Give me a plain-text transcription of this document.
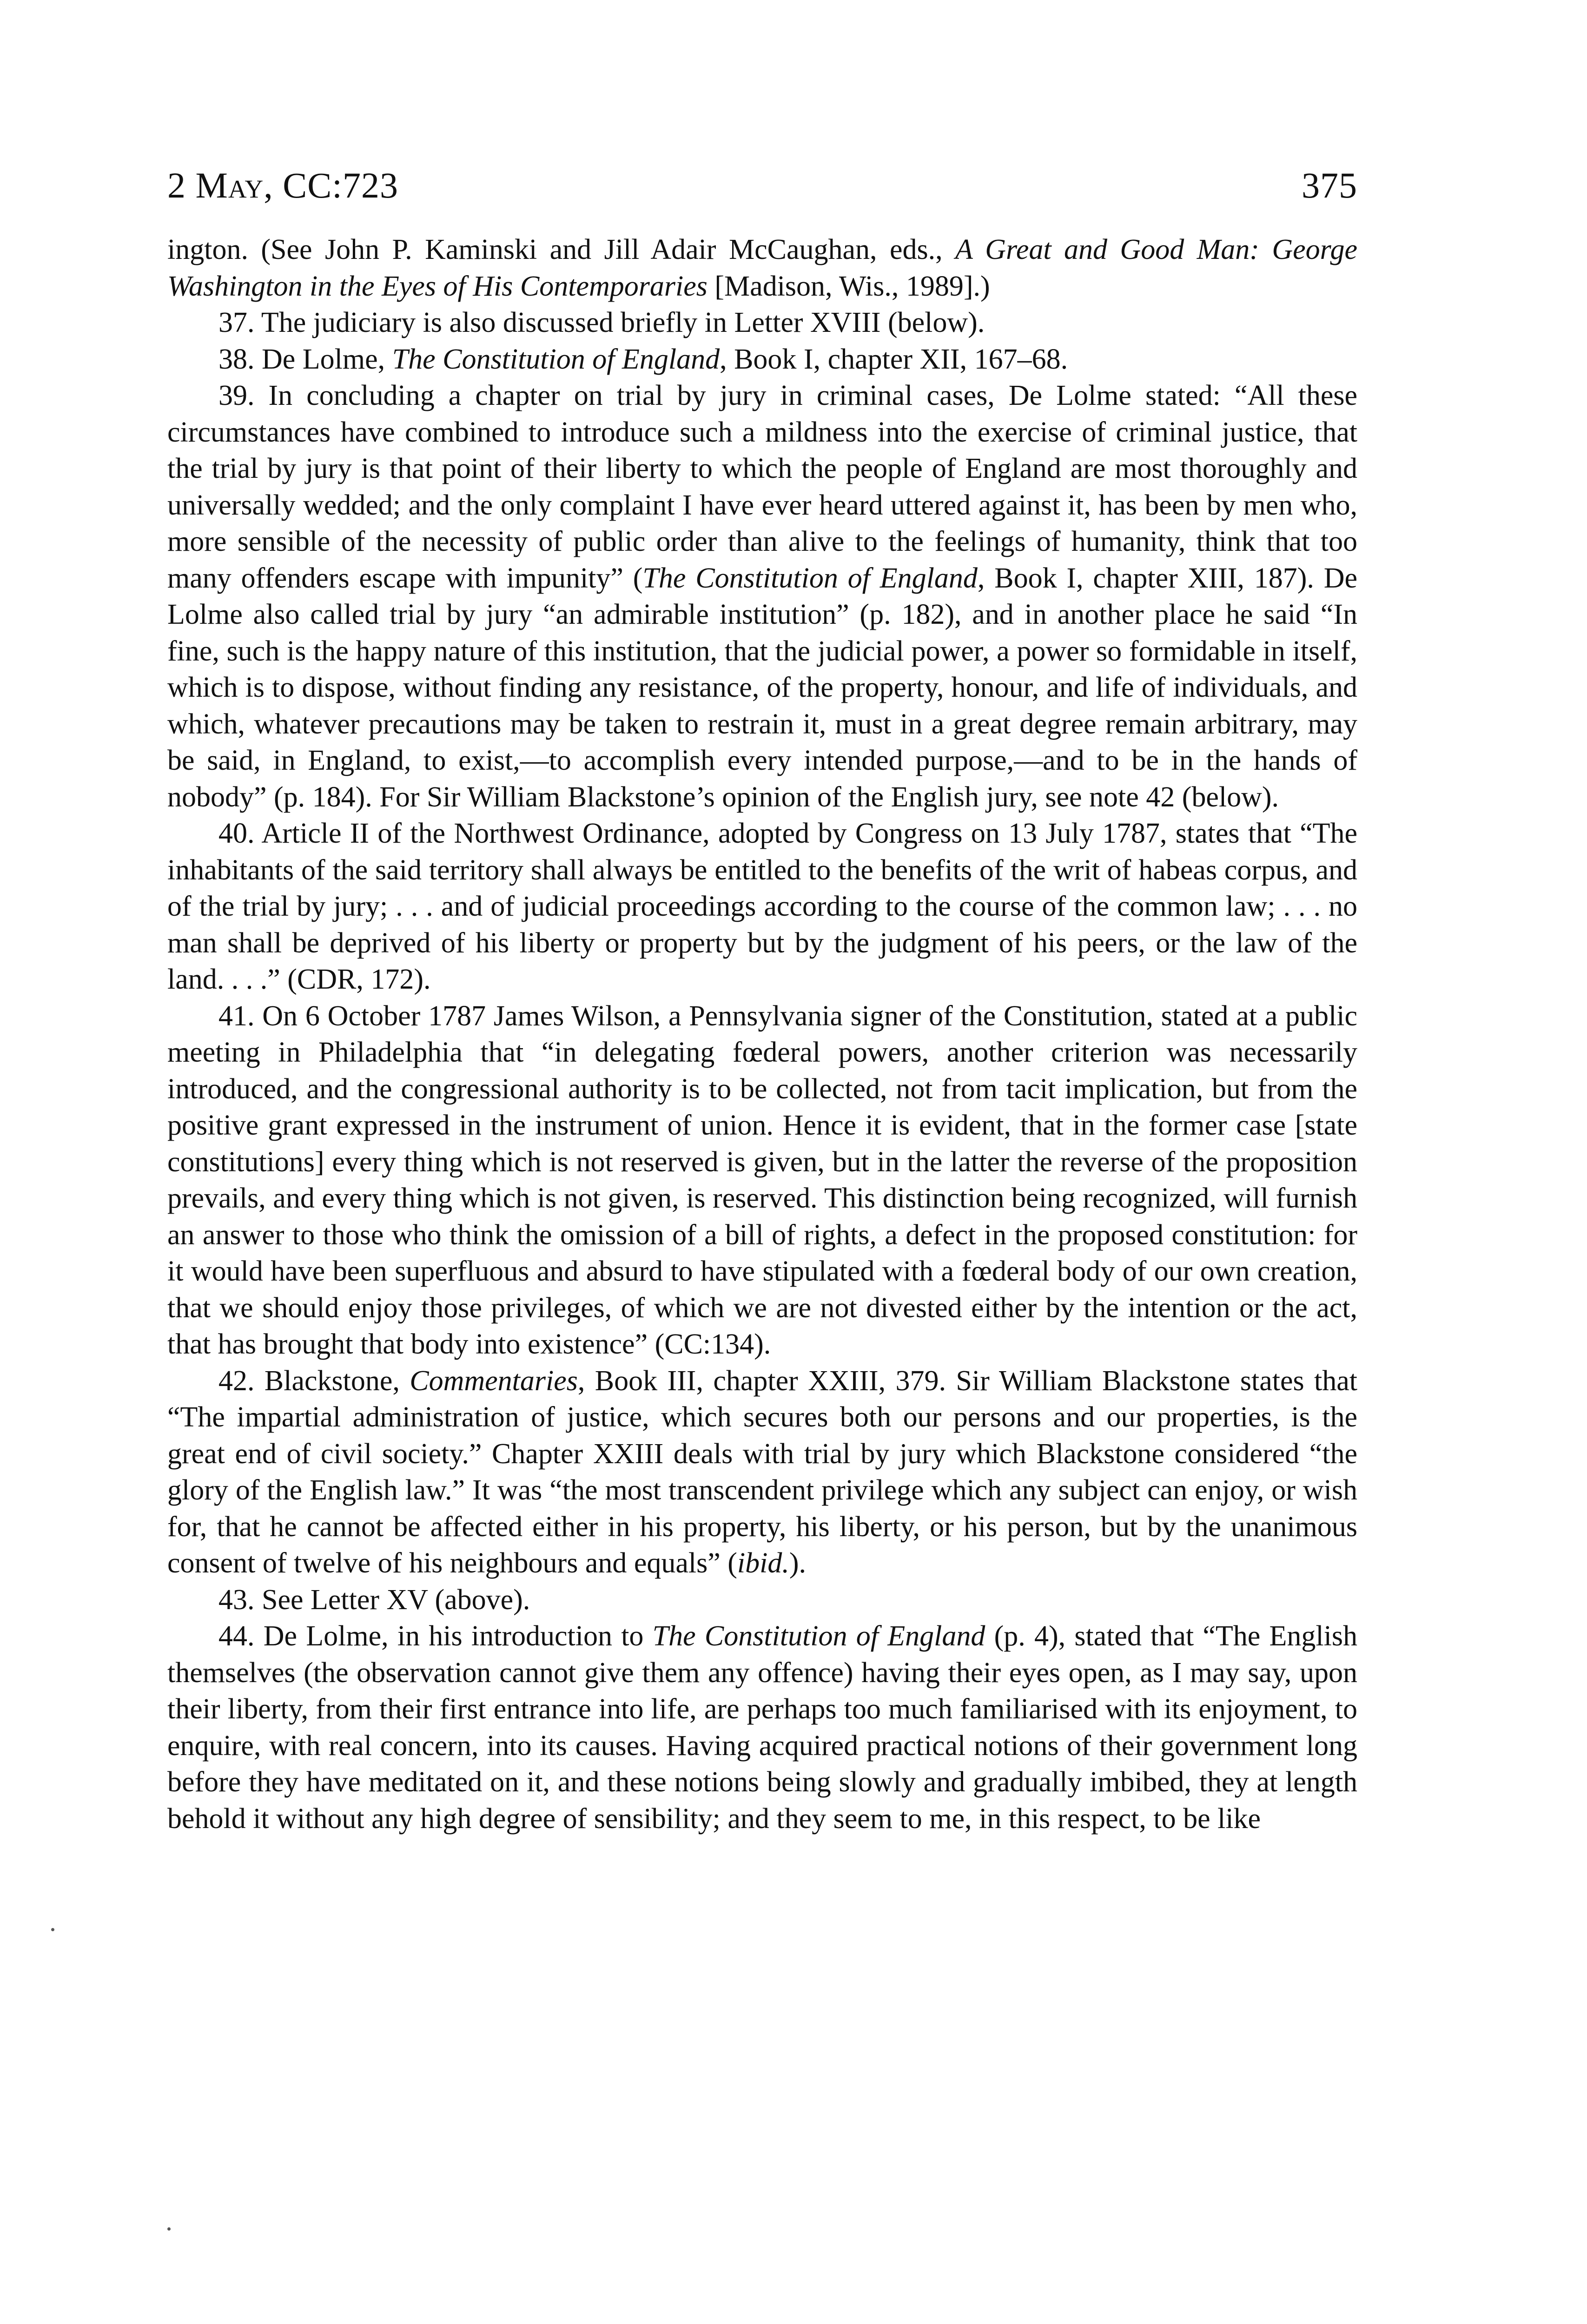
2 May, CC:723	375

ington. (See John P. Kaminski and Jill Adair McCaughan, eds., A Great and Good Man: George Washington in the Eyes of His Contemporaries [Madison, Wis., 1989].)

37. The judiciary is also discussed briefly in Letter XVIII (below).

38. De Lolme, The Constitution of England, Book I, chapter XII, 167–68.

39. In concluding a chapter on trial by jury in criminal cases, De Lolme stated: “All these circumstances have combined to introduce such a mildness into the exercise of criminal justice, that the trial by jury is that point of their liberty to which the people of England are most thoroughly and universally wedded; and the only complaint I have ever heard uttered against it, has been by men who, more sensible of the necessity of public order than alive to the feelings of humanity, think that too many offenders escape with impunity” (The Constitution of England, Book I, chapter XIII, 187). De Lolme also called trial by jury “an admirable institution” (p. 182), and in another place he said “In fine, such is the happy nature of this institution, that the judicial power, a power so formidable in itself, which is to dispose, without finding any resistance, of the property, honour, and life of individuals, and which, whatever precautions may be taken to restrain it, must in a great degree remain arbitrary, may be said, in England, to exist,—to accomplish every intended purpose,—and to be in the hands of nobody” (p. 184). For Sir William Blackstone’s opinion of the English jury, see note 42 (below).

40. Article II of the Northwest Ordinance, adopted by Congress on 13 July 1787, states that “The inhabitants of the said territory shall always be entitled to the benefits of the writ of habeas corpus, and of the trial by jury; . . . and of judicial proceedings according to the course of the common law; . . . no man shall be deprived of his liberty or property but by the judgment of his peers, or the law of the land. . . .” (CDR, 172).

41. On 6 October 1787 James Wilson, a Pennsylvania signer of the Constitution, stated at a public meeting in Philadelphia that “in delegating fœderal powers, another criterion was necessarily introduced, and the congressional authority is to be collected, not from tacit implication, but from the positive grant expressed in the instrument of union. Hence it is evident, that in the former case [state constitutions] every thing which is not reserved is given, but in the latter the reverse of the proposition prevails, and every thing which is not given, is reserved. This distinction being recognized, will furnish an answer to those who think the omission of a bill of rights, a defect in the proposed constitution: for it would have been superfluous and absurd to have stipulated with a fœderal body of our own creation, that we should enjoy those privileges, of which we are not divested either by the intention or the act, that has brought that body into existence” (CC:134).

42. Blackstone, Commentaries, Book III, chapter XXIII, 379. Sir William Blackstone states that “The impartial administration of justice, which secures both our persons and our properties, is the great end of civil society.” Chapter XXIII deals with trial by jury which Blackstone considered “the glory of the English law.” It was “the most transcendent privilege which any subject can enjoy, or wish for, that he cannot be affected either in his property, his liberty, or his person, but by the unanimous consent of twelve of his neighbours and equals” (ibid.).

43. See Letter XV (above).

44. De Lolme, in his introduction to The Constitution of England (p. 4), stated that “The English themselves (the observation cannot give them any offence) having their eyes open, as I may say, upon their liberty, from their first entrance into life, are perhaps too much familiarised with its enjoyment, to enquire, with real concern, into its causes. Having acquired practical notions of their government long before they have meditated on it, and these notions being slowly and gradually imbibed, they at length behold it without any high degree of sensibility; and they seem to me, in this respect, to be like
